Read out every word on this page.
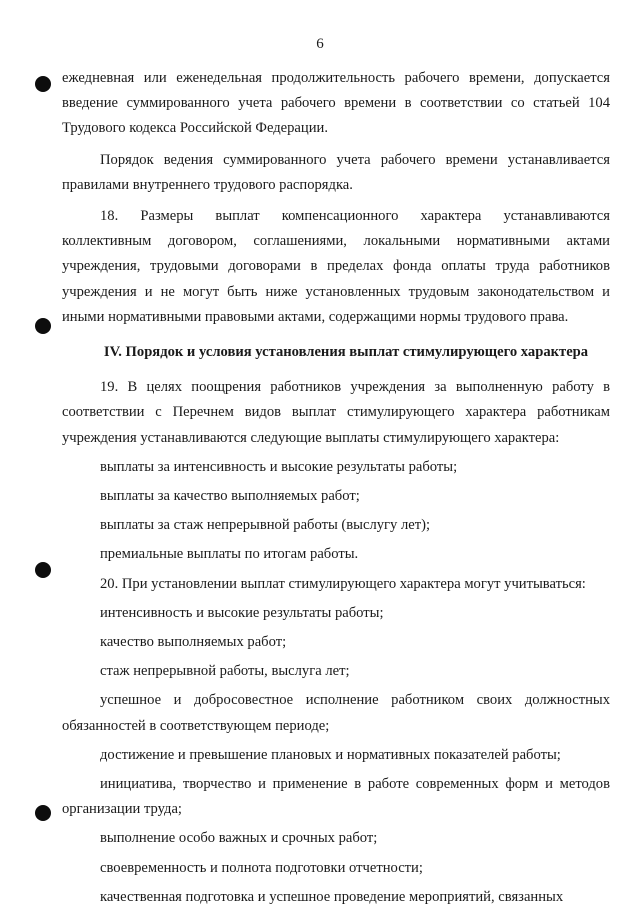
6

ежедневная или еженедельная продолжительность рабочего времени, допускается введение суммированного учета рабочего времени в соответствии со статьей 104 Трудового кодекса Российской Федерации.

Порядок ведения суммированного учета рабочего времени устанавливается правилами внутреннего трудового распорядка.

18. Размеры выплат компенсационного характера устанавливаются коллективным договором, соглашениями, локальными нормативными актами учреждения, трудовыми договорами в пределах фонда оплаты труда работников учреждения и не могут быть ниже установленных трудовым законодательством и иными нормативными правовыми актами, содержащими нормы трудового права.

IV. Порядок и условия установления выплат стимулирующего характера

19. В целях поощрения работников учреждения за выполненную работу в соответствии с Перечнем видов выплат стимулирующего характера работникам учреждения устанавливаются следующие выплаты стимулирующего характера:

выплаты за интенсивность и высокие результаты работы;

выплаты за качество выполняемых работ;

выплаты за стаж непрерывной работы (выслугу лет);

премиальные выплаты по итогам работы.

20. При установлении выплат стимулирующего характера могут учитываться:

интенсивность и высокие результаты работы;

качество выполняемых работ;

стаж непрерывной работы, выслуга лет;

успешное и добросовестное исполнение работником своих должностных обязанностей в соответствующем периоде;

достижение и превышение плановых и нормативных показателей работы;

инициатива, творчество и применение в работе современных форм и методов организации труда;

выполнение особо важных и срочных работ;

своевременность и полнота подготовки отчетности;

качественная подготовка и успешное проведение мероприятий, связанных
